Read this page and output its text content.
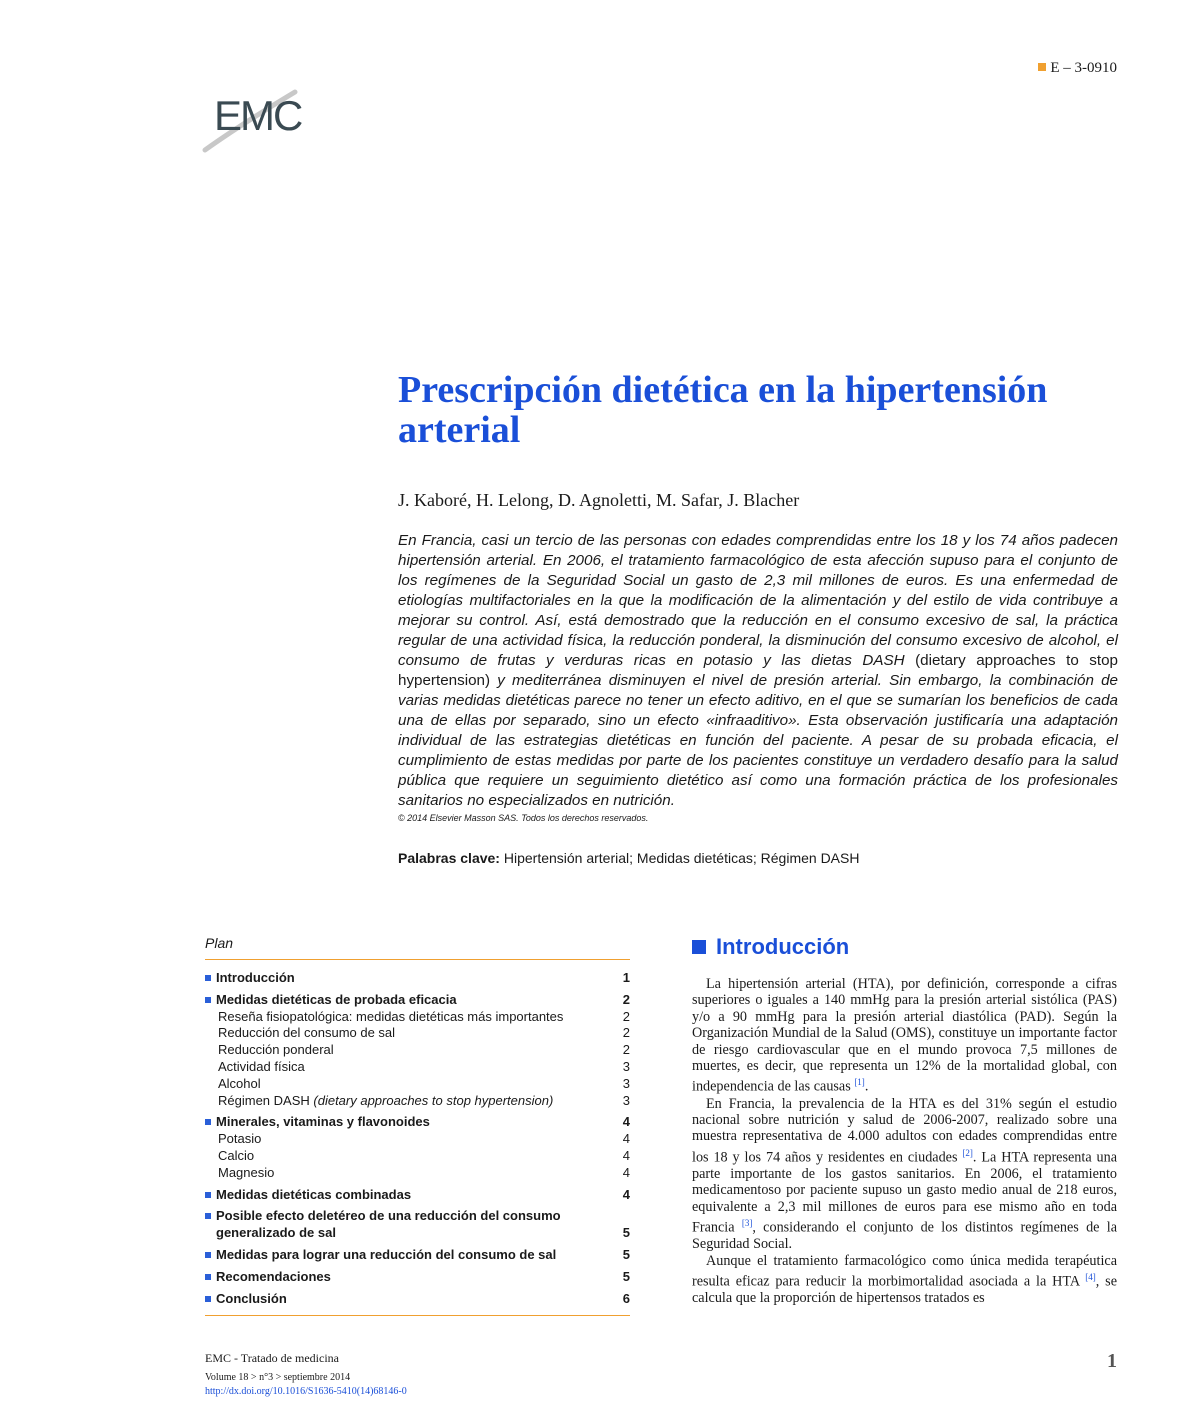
EMC
E – 3-0910
Prescripción dietética en la hipertensión arterial
J. Kaboré, H. Lelong, D. Agnoletti, M. Safar, J. Blacher

En Francia, casi un tercio de las personas con edades comprendidas entre los 18 y los 74 años padecen hipertensión arterial. En 2006, el tratamiento farmacológico de esta afección supuso para el conjunto de los regímenes de la Seguridad Social un gasto de 2,3 mil millones de euros. Es una enfermedad de etiologías multifactoriales en la que la modificación de la alimentación y del estilo de vida contribuye a mejorar su control. Así, está demostrado que la reducción en el consumo excesivo de sal, la práctica regular de una actividad física, la reducción ponderal, la disminución del consumo excesivo de alcohol, el consumo de frutas y verduras ricas en potasio y las dietas DASH (dietary approaches to stop hypertension) y mediterránea disminuyen el nivel de presión arterial. Sin embargo, la combinación de varias medidas dietéticas parece no tener un efecto aditivo, en el que se sumarían los beneficios de cada una de ellas por separado, sino un efecto «infraaditivo». Esta observación justificaría una adaptación individual de las estrategias dietéticas en función del paciente. A pesar de su probada eficacia, el cumplimiento de estas medidas por parte de los pacientes constituye un verdadero desafío para la salud pública que requiere un seguimiento dietético así como una formación práctica de los profesionales sanitarios no especializados en nutrición.

© 2014 Elsevier Masson SAS. Todos los derechos reservados.
Palabras clave: Hipertensión arterial; Medidas dietéticas; Régimen DASH
Plan
Introducción	1
Medidas dietéticas de probada eficacia	2
Reseña fisiopatológica: medidas dietéticas más importantes	2
Reducción del consumo de sal	2
Reducción ponderal	2
Actividad física	3
Alcohol	3
Régimen DASH (dietary approaches to stop hypertension)	3
Minerales, vitaminas y flavonoides	4
Potasio	4
Calcio	4
Magnesio	4
Medidas dietéticas combinadas	4
Posible efecto deletéreo de una reducción del consumo
generalizado de sal	5
Medidas para lograr una reducción del consumo de sal	5
Recomendaciones	5
Conclusión	6
Introducción

La hipertensión arterial (HTA), por definición, corresponde a cifras superiores o iguales a 140 mmHg para la presión arterial sistólica (PAS) y/o a 90 mmHg para la presión arterial diastólica (PAD). Según la Organización Mundial de la Salud (OMS), constituye un importante factor de riesgo cardiovascular que en el mundo provoca 7,5 millones de muertes, es decir, que representa un 12% de la mortalidad global, con independencia de las causas [1].

En Francia, la prevalencia de la HTA es del 31% según el estudio nacional sobre nutrición y salud de 2006-2007, realizado sobre una muestra representativa de 4.000 adultos con edades comprendidas entre los 18 y los 74 años y residentes en ciudades [2]. La HTA representa una parte importante de los gastos sanitarios. En 2006, el tratamiento medicamentoso por paciente supuso un gasto medio anual de 218 euros, equivalente a 2,3 mil millones de euros para ese mismo año en toda Francia [3], considerando el conjunto de los distintos regímenes de la Seguridad Social.

Aunque el tratamiento farmacológico como única medida terapéutica resulta eficaz para reducir la morbimortalidad asociada a la HTA [4], se calcula que la proporción de hipertensos tratados es

EMC - Tratado de medicina
Volume 18 > n°3 > septiembre 2014
http://dx.doi.org/10.1016/S1636-5410(14)68146-0
1
